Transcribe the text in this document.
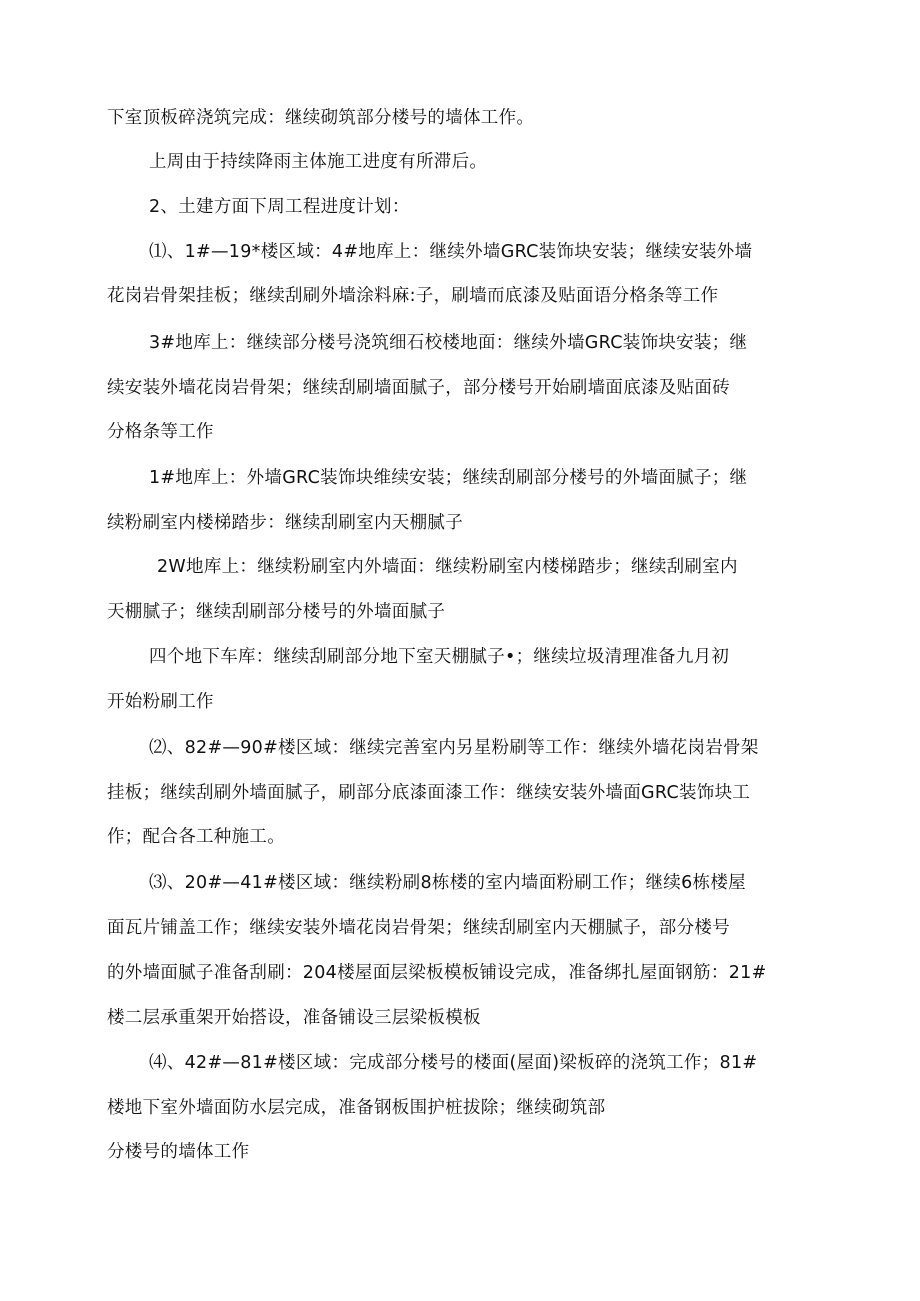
下室顶板碎浇筑完成：继续砌筑部分楼号的墙体工作。
上周由于持续降雨主体施工进度有所滞后。
2、土建方面下周工程进度计划：
⑴、1#—19*楼区域：4#地库上：继续外墙GRC装饰块安装；继续安装外墙
花岗岩骨架挂板；继续刮刷外墙涂料麻:子，刷墙而底漆及贴面语分格条等工作
3#地库上：继续部分楼号浇筑细石校楼地面：继续外墙GRC装饰块安装；继
续安装外墙花岗岩骨架；继续刮刷墙面腻子，部分楼号开始刷墙面底漆及贴面砖
分格条等工作
1#地库上：外墙GRC装饰块维续安装；继续刮刷部分楼号的外墙面腻子；继
续粉刷室内楼梯踏步：继续刮刷室内天棚腻子
2W地库上：继续粉刷室内外墙面：继续粉刷室内楼梯踏步；继续刮刷室内
天棚腻子；继续刮刷部分楼号的外墙面腻子
四个地下车库：继续刮刷部分地下室天棚腻子•；继续垃圾清理准备九月初
开始粉刷工作
⑵、82#—90#楼区域：继续完善室内另星粉刷等工作：继续外墙花岗岩骨架
挂板；继续刮刷外墙面腻子，刷部分底漆面漆工作：继续安装外墙面GRC装饰块工
作；配合各工种施工。
⑶、20#—41#楼区域：继续粉刷8栋楼的室内墙面粉刷工作；继续6栋楼屋
面瓦片铺盖工作；继续安装外墙花岗岩骨架；继续刮刷室内天棚腻子，部分楼号
的外墙面腻子准备刮刷：204楼屋面层梁板模板铺设完成，准备绑扎屋面钢筋：21#
楼二层承重架开始搭设，准备铺设三层梁板模板
⑷、42#—81#楼区域：完成部分楼号的楼面(屋面)梁板碎的浇筑工作；81#
楼地下室外墙面防水层完成，准备钢板围护桩拔除；继续砌筑部
分楼号的墙体工作
